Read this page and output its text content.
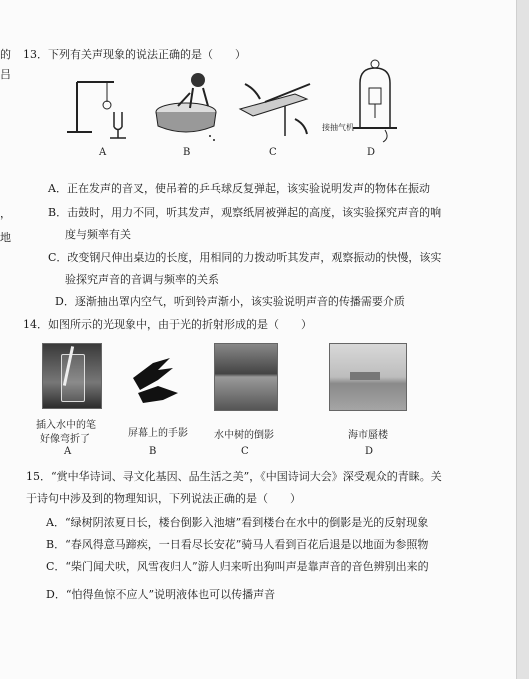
的
吕
，
地
13．下列有关声现象的说法正确的是（　　）
A	B	C
接抽气机
D
A．正在发声的音叉，使吊着的乒乓球反复弹起，该实验说明发声的物体在振动
B．击鼓时，用力不同，听其发声，观察纸屑被弹起的高度，该实验探究声音的响
度与频率有关
C．改变钢尺伸出桌边的长度，用相同的力拨动听其发声，观察振动的快慢，该实
验探究声音的音调与频率的关系
D．逐渐抽出罩内空气，听到铃声渐小，该实验说明声音的传播需要介质
14．如图所示的光现象中，由于光的折射形成的是（　　）
插入水中的笔
好像弯折了
A
屏幕上的手影
B
水中树的倒影
C
海市蜃楼
D
15．“赏中华诗词、寻文化基因、品生活之美”，《中国诗词大会》深受观众的青睐。关
于诗句中涉及到的物理知识，下列说法正确的是（　　）
A．“绿树阴浓夏日长，楼台倒影入池塘”看到楼台在水中的倒影是光的反射现象
B．“春风得意马蹄疾，一日看尽长安花”骑马人看到百花后退是以地面为参照物
C．“柴门闻犬吠，风雪夜归人”游人归来听出狗叫声是靠声音的音色辨别出来的
D．“怕得鱼惊不应人”说明液体也可以传播声音
